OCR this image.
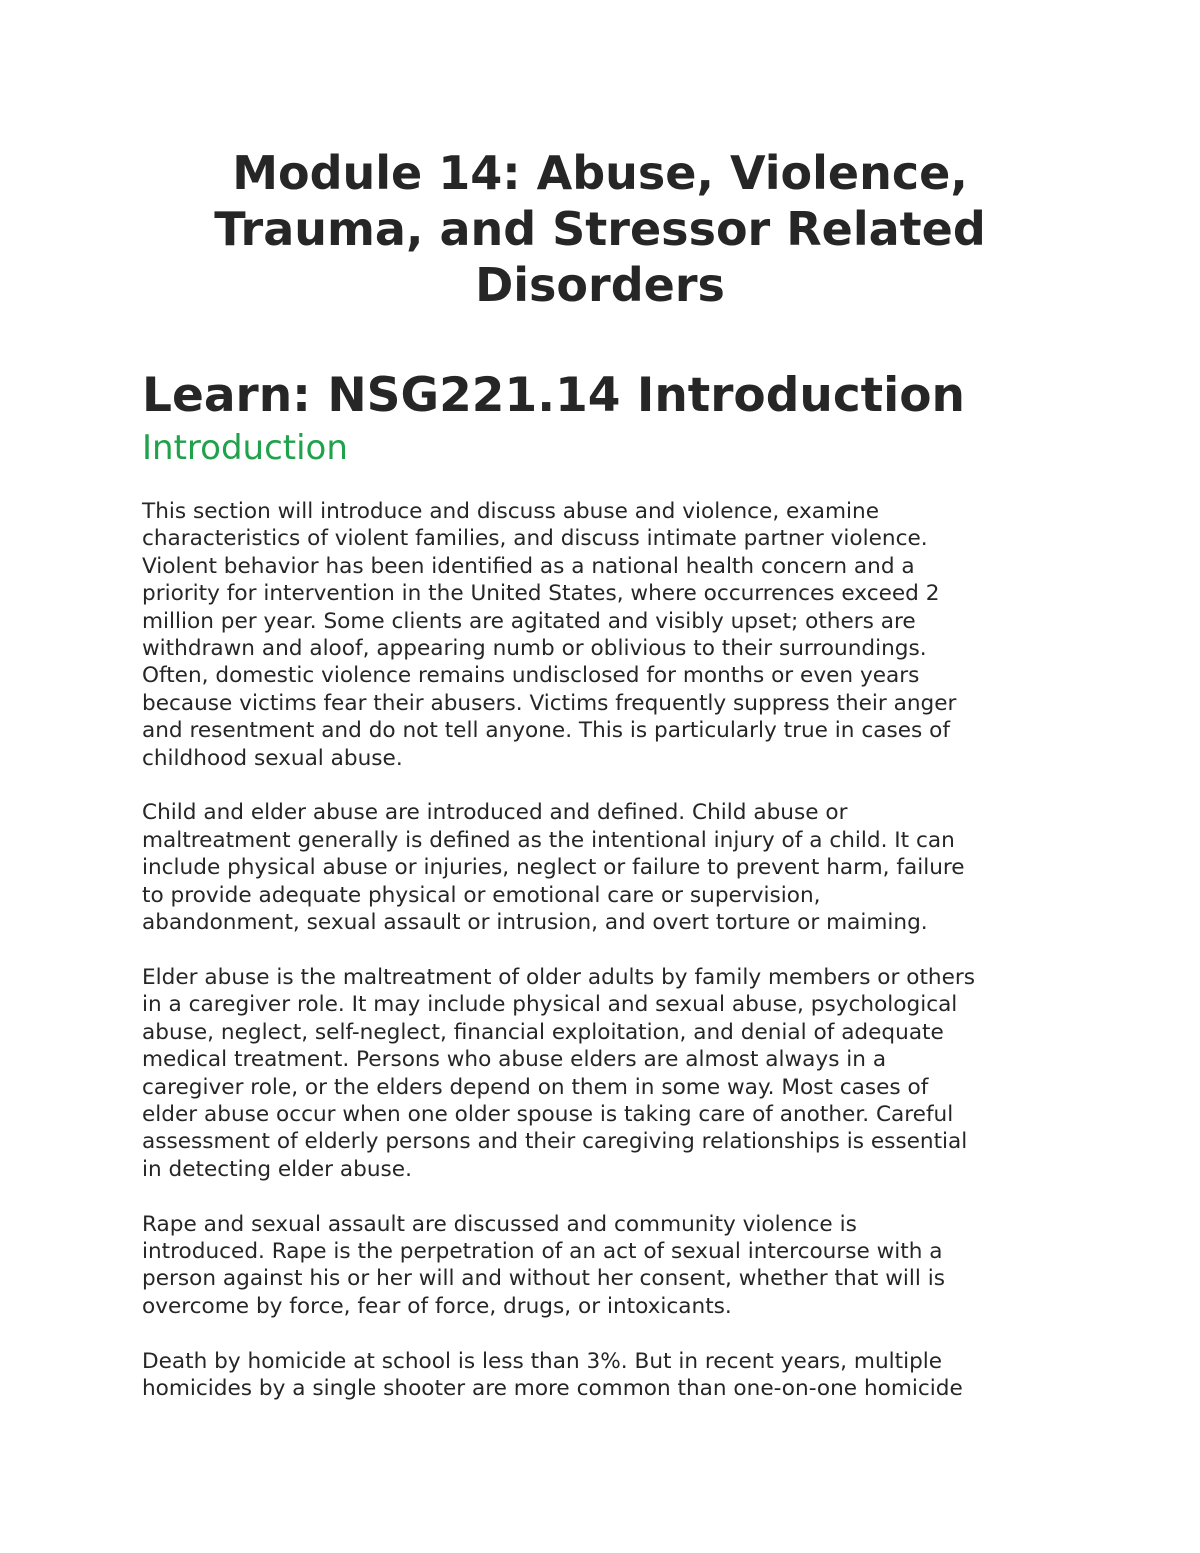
Module 14: Abuse, Violence,
Trauma, and Stressor Related
Disorders
Learn: NSG221.14 Introduction
Introduction

This section will introduce and discuss abuse and violence, examine
characteristics of violent families, and discuss intimate partner violence.
Violent behavior has been identified as a national health concern and a
priority for intervention in the United States, where occurrences exceed 2
million per year. Some clients are agitated and visibly upset; others are
withdrawn and aloof, appearing numb or oblivious to their surroundings.
Often, domestic violence remains undisclosed for months or even years
because victims fear their abusers. Victims frequently suppress their anger
and resentment and do not tell anyone. This is particularly true in cases of
childhood sexual abuse.

Child and elder abuse are introduced and defined. Child abuse or
maltreatment generally is defined as the intentional injury of a child. It can
include physical abuse or injuries, neglect or failure to prevent harm, failure
to provide adequate physical or emotional care or supervision,
abandonment, sexual assault or intrusion, and overt torture or maiming.

Elder abuse is the maltreatment of older adults by family members or others
in a caregiver role. It may include physical and sexual abuse, psychological
abuse, neglect, self-neglect, financial exploitation, and denial of adequate
medical treatment. Persons who abuse elders are almost always in a
caregiver role, or the elders depend on them in some way. Most cases of
elder abuse occur when one older spouse is taking care of another. Careful
assessment of elderly persons and their caregiving relationships is essential
in detecting elder abuse.

Rape and sexual assault are discussed and community violence is
introduced. Rape is the perpetration of an act of sexual intercourse with a
person against his or her will and without her consent, whether that will is
overcome by force, fear of force, drugs, or intoxicants.

Death by homicide at school is less than 3%. But in recent years, multiple
homicides by a single shooter are more common than one-on-one homicide
